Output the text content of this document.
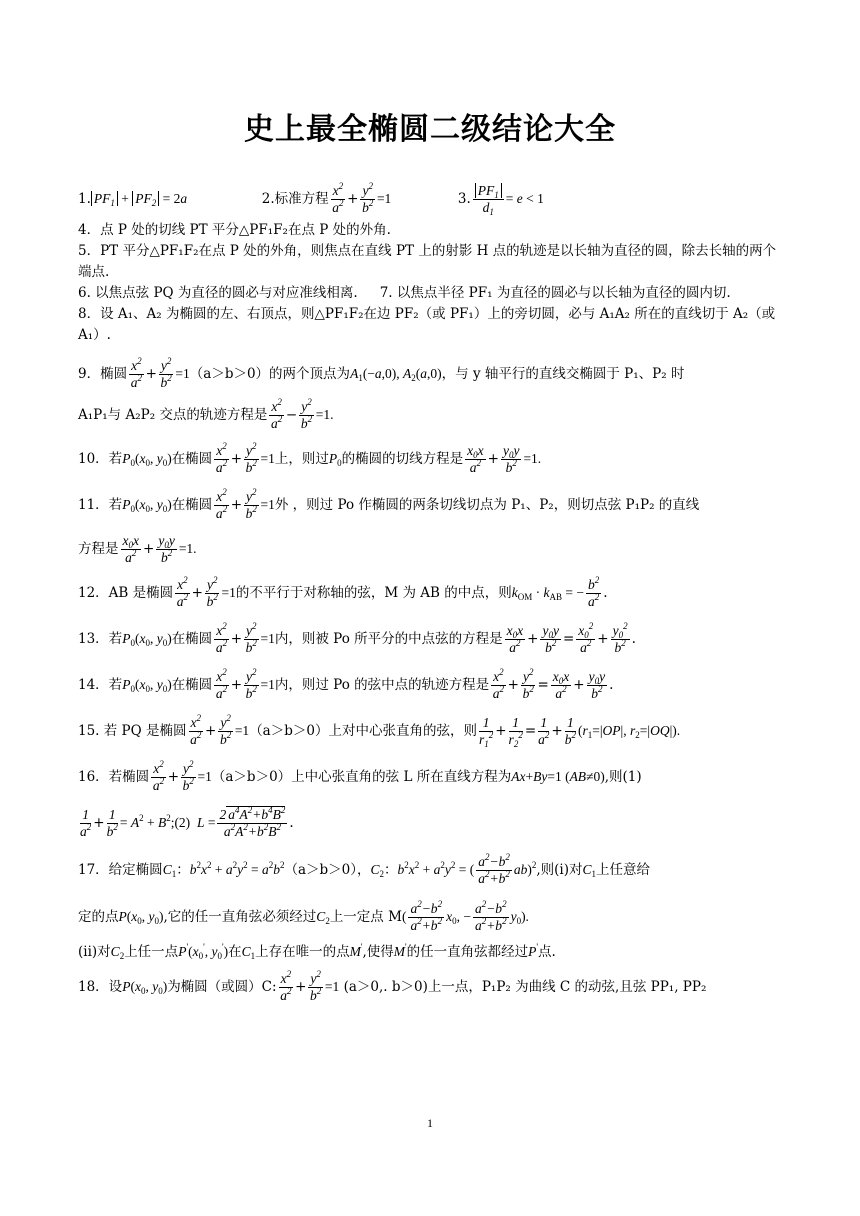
史上最全椭圆二级结论大全
1. $PF_1 + PF_2 = 2a$	2.标准方程 $\frac{x^2}{a^2} + \frac{y^2}{b^2} =1$	3. $\frac{PF_1}{d_1} = e < 1$
4．点 P 处的切线 PT 平分△PF₁F₂在点 P 处的外角.
5．PT 平分△PF₁F₂在点 P 处的外角，则焦点在直线 PT 上的射影 H 点的轨迹是以长轴为直径的圆，除去长轴的两个端点.
6. 以焦点弦 PQ 为直径的圆必与对应准线相离. 7. 以焦点半径 PF₁ 为直径的圆必与以长轴为直径的圆内切.
8．设 A₁、A₂ 为椭圆的左、右顶点，则△PF₁F₂在边 PF₂（或 PF₁）上的旁切圆，必与 A₁A₂ 所在的直线切于 A₂（或 A₁）.
9．椭圆 $\frac{x^2}{a^2} + \frac{y^2}{b^2} =1(a>b>0)$的两个顶点为$A_1(-a,0)$, $A_2(a,0)$，与 y 轴平行的直线交椭圆于 P₁、P₂ 时
A₁P₁与 A₂P₂ 交点的轨迹方程是 $\frac{x^2}{a^2} - \frac{y^2}{b^2} =1$.
10．若$P_0(x_0$, $y_0$)在椭圆 $\frac{x^2}{a^2} + \frac{y^2}{b^2} =1$上，则过$P_0$的椭圆的切线方程是 $\frac{x_0x}{a^2} + \frac{y_0y}{b^2} =1$.
11．若$P_0(x_0$, $y_0$)在椭圆 $\frac{x^2}{a^2} + \frac{y^2}{b^2} =1$外 ，则过 Po 作椭圆的两条切线切点为 P₁、P₂，则切点弦 P₁P₂ 的直线
方程是 $\frac{x_0x}{a^2} + \frac{y_0y}{b^2} =1$.
12．AB 是椭圆 $\frac{x^2}{a^2} + \frac{y^2}{b^2} =1$的不平行于对称轴的弦，M 为 AB 的中点，则$k_{OM} \cdot k_{AB}$ = − $\frac{b^2}{a^2}$ .
13．若$P_0(x_0$, $y_0$)在椭圆 $\frac{x^2}{a^2} + \frac{y^2}{b^2} =1$内，则被 Po 所平分的中点弦的方程是 $\frac{x_0x}{a^2} + \frac{y_0y}{b^2} = \frac{x_0^2}{a^2} + \frac{y_0^2}{b^2}$ .
14．若$P_0(x_0$, $y_0$)在椭圆 $\frac{x^2}{a^2} + \frac{y^2}{b^2} =1$内，则过 Po 的弦中点的轨迹方程是 $\frac{x^2}{a^2} + \frac{y^2}{b^2} = \frac{x_0x}{a^2} + \frac{y_0y}{b^2}$ .
15. 若 PQ 是椭圆 $\frac{x^2}{a^2} + \frac{y^2}{b^2} =1(a>b>0)$上对中心张直角的弦，则 $\frac{1}{r_1^2} + \frac{1}{r_2^2} = \frac{1}{a^2} + \frac{1}{b^2} (r_1=|OP|$, $r_2=|OQ|$).
16．若椭圆 $\frac{x^2}{a^2} + \frac{y^2}{b^2} =1(a>b>0)$上中心张直角的弦 L 所在直线方程为Ax+By=1 (AB≠0),则(1)
$\frac{1}{a^2} + \frac{1}{b^2} = A^2$ + $B^2;(2) L = \frac{2 a^4A^2+b^4B^2}{a^2A^2+b^2B^2}$ .
17．给定椭圆$C_1$：$b^2x^2 + a^2y^2 = a^2b^2(a>b>0)$，$C_2$：$b^2x^2 + a^2y^2$ = ( $\frac{a^2-b^2}{a^2+b^2} ab)^2$,则(i)对$C_1$上任意给
定的点$P(x_0$, $y_0$),它的任一直角弦必须经过$C_2$上一定点 $M( \frac{a^2-b^2}{a^2+b^2} x_0$, − $\frac{a^2-b^2}{a^2+b^2} y_0$).
(ii)对$C_2$上任一点$P'(x_0'$, $y_0'$)在$C_1$上存在唯一的点M',使得M'的任一直角弦都经过P'点.
18．设$P(x_0$, $y_0$)为椭圆（或圆）C: $\frac{x^2}{a^2} + \frac{y^2}{b^2} =1$ (a＞0,. b＞0)上一点，P₁P₂ 为曲线 C 的动弦,且弦 PP₁, PP₂
1
